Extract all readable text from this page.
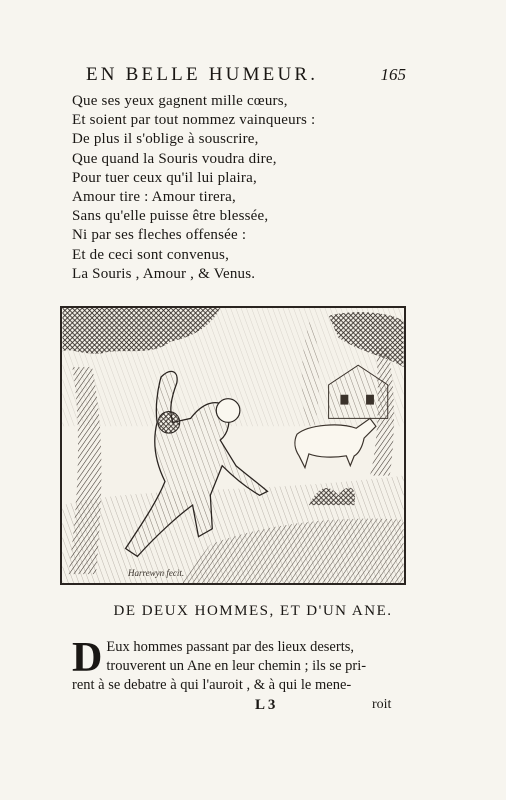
EN BELLE HUMEUR.	165
Que ses yeux gagnent mille cœurs,
Et soient par tout nommez vainqueurs :
De plus il s'oblige à souscrire,
Que quand la Souris voudra dire,
Pour tuer ceux qu'il lui plaira,
Amour tire : Amour tirera,
Sans qu'elle puisse être blessée,
Ni par ses fleches offensée :
Et de ceci sont convenus,
La Souris , Amour , & Venus.
Harrewyn fecit.
DE DEUX HOMMES, ET D'UN ANE.
D Eux hommes passant par des lieux deserts,
trouverent un Ane en leur chemin ; ils se pri-
rent à se debatre à qui l'auroit , & à qui le mene-
L 3	roit
